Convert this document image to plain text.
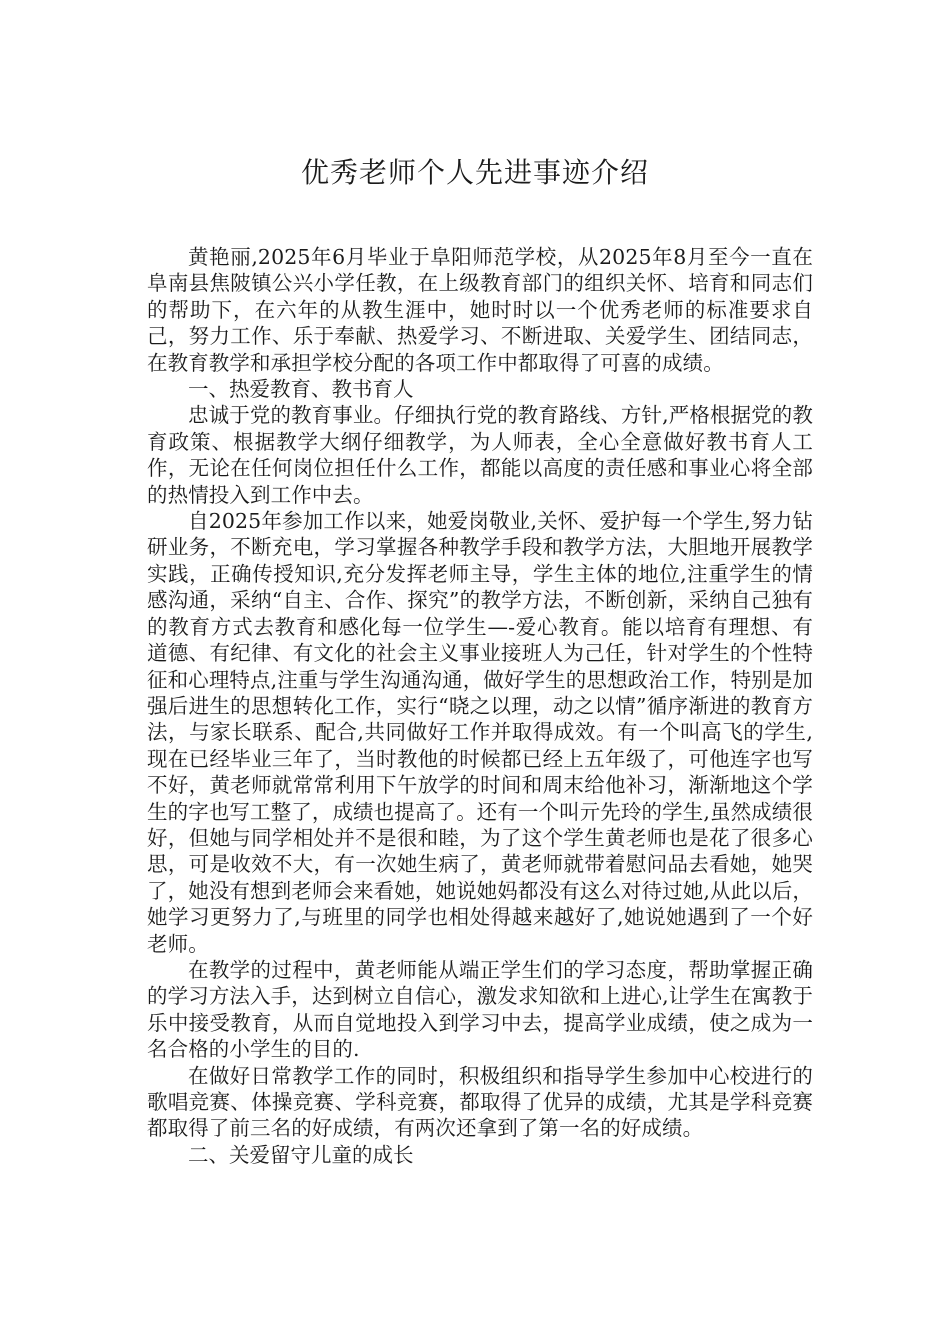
优秀老师个人先进事迹介绍

黄艳丽,2025年6月毕业于阜阳师范学校，从2025年8月至今一直在阜南县焦陂镇公兴小学任教，在上级教育部门的组织关怀、培育和同志们的帮助下，在六年的从教生涯中，她时时以一个优秀老师的标准要求自己，努力工作、乐于奉献、热爱学习、不断进取、关爱学生、团结同志，在教育教学和承担学校分配的各项工作中都取得了可喜的成绩。

一、热爱教育、教书育人

忠诚于党的教育事业。仔细执行党的教育路线、方针,严格根据党的教育政策、根据教学大纲仔细教学，为人师表，全心全意做好教书育人工作，无论在任何岗位担任什么工作，都能以高度的责任感和事业心将全部的热情投入到工作中去。

自2025年参加工作以来，她爱岗敬业,关怀、爱护每一个学生,努力钻研业务，不断充电，学习掌握各种教学手段和教学方法，大胆地开展教学实践，正确传授知识,充分发挥老师主导，学生主体的地位,注重学生的情感沟通，采纳“自主、合作、探究”的教学方法，不断创新，采纳自己独有的教育方式去教育和感化每一位学生—-爱心教育。能以培育有理想、有道德、有纪律、有文化的社会主义事业接班人为己任，针对学生的个性特征和心理特点,注重与学生沟通沟通，做好学生的思想政治工作，特别是加强后进生的思想转化工作，实行“晓之以理，动之以情”循序渐进的教育方法，与家长联系、配合,共同做好工作并取得成效。有一个叫高飞的学生,现在已经毕业三年了，当时教他的时候都已经上五年级了，可他连字也写不好，黄老师就常常利用下午放学的时间和周末给他补习，渐渐地这个学生的字也写工整了，成绩也提高了。还有一个叫亓先玲的学生,虽然成绩很好，但她与同学相处并不是很和睦，为了这个学生黄老师也是花了很多心思，可是收效不大，有一次她生病了，黄老师就带着慰问品去看她，她哭了，她没有想到老师会来看她，她说她妈都没有这么对待过她,从此以后，她学习更努力了,与班里的同学也相处得越来越好了,她说她遇到了一个好老师。

在教学的过程中，黄老师能从端正学生们的学习态度，帮助掌握正确的学习方法入手，达到树立自信心，激发求知欲和上进心,让学生在寓教于乐中接受教育，从而自觉地投入到学习中去，提高学业成绩，使之成为一名合格的小学生的目的.

在做好日常教学工作的同时，积极组织和指导学生参加中心校进行的歌唱竞赛、体操竞赛、学科竞赛，都取得了优异的成绩，尤其是学科竞赛都取得了前三名的好成绩，有两次还拿到了第一名的好成绩。

二、关爱留守儿童的成长
